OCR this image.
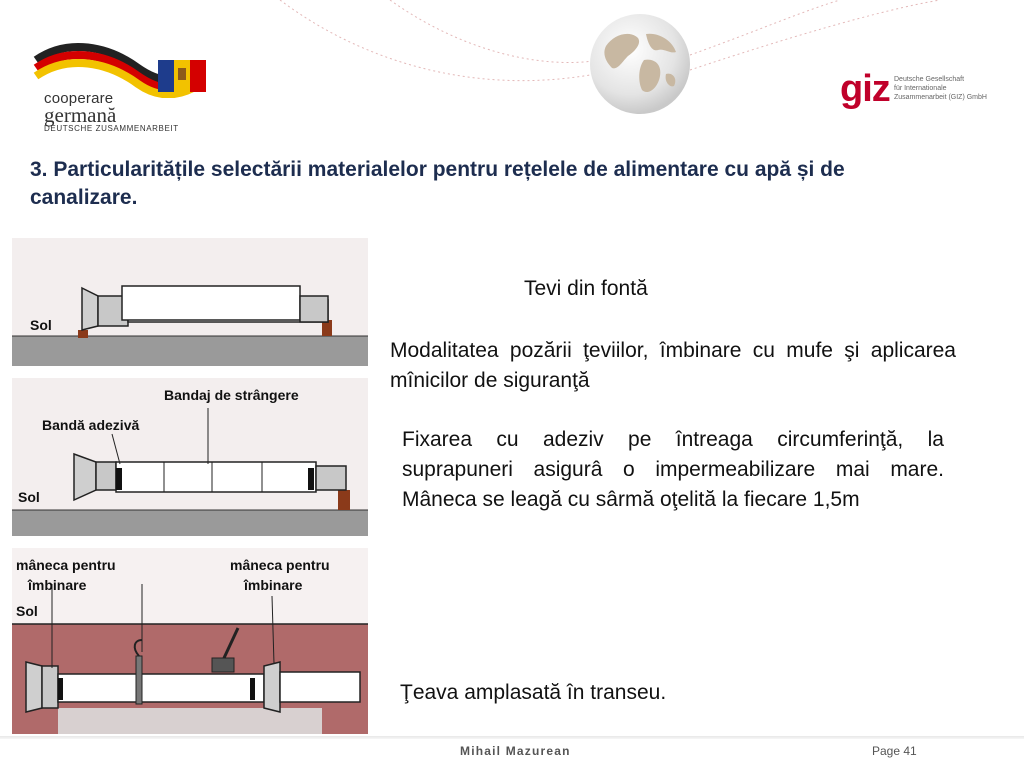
cooperare
germană
DEUTSCHE ZUSAMMENARBEIT
giz Deutsche Gesellschaft
für Internationale
Zusammenarbeit (GIZ) GmbH
3. Particularitățile selectării materialelor pentru rețelele de alimentare cu apă și de canalizare.
Sol
Bandaj de strângere
Bandă adezivă
Sol
mâneca pentru
îmbinare
mâneca pentru
îmbinare
Sol
Tevi din fontă
Modalitatea pozării ţeviilor, îmbinare cu mufe şi aplicarea mînicilor de siguranţă
Fixarea cu adeziv pe întreaga circumferinţă, la suprapuneri asigurâ o impermeabilizare mai mare. Mâneca se leagă cu sârmă oţelită la fiecare 1,5m
Ţeava amplasată în transeu.
Mihail Mazurean	Page 41
